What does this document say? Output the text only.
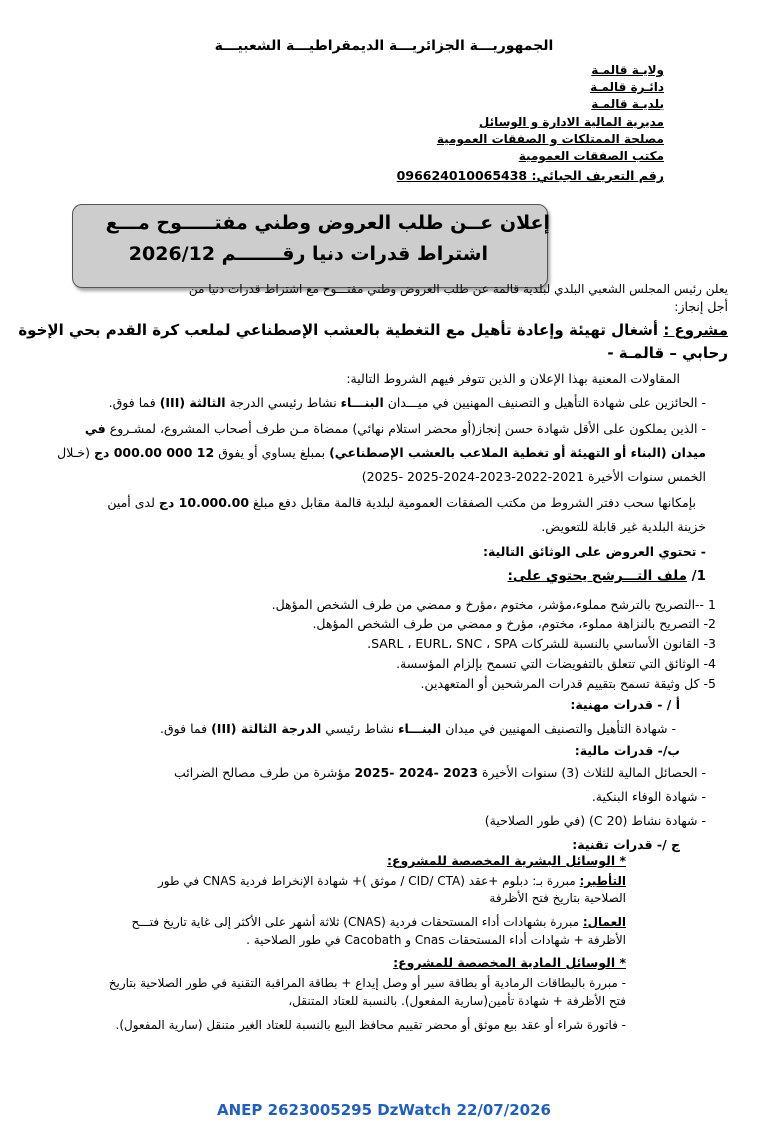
الجمهوريـــة الجزائريـــة الديمقراطيـــة الشعبيـــة
ولايـة قالمـة
دائـرة قالمـة
بلديـة قالمـة
مديرية المالية الادارة و الوسائل
مصلحة الممتلكات و الصفقات العمومية
مكتب الصفقات العمومية
رقم التعريف الجبائي: 096624010065438
إعلان عــن طلب العروض وطني مفتـــــوح مـــع
اشتراط قدرات دنيا رقـــــــم 2026/12
يعلن رئيس المجلس الشعبي البلدي لبلدية قالمة عن طلب العروض وطني مفتـــوح مع اشتراط قدرات دنيا من
أجل إنجاز:
مشروع : أشغال تهيئة وإعادة تأهيل مع التغطية بالعشب الإصطناعي لملعب كرة القدم بحي الإخوة
رحابي – قالمـة -
المقاولات المعنية بهذا الإعلان و الذين تتوفر فيهم الشروط التالية:
- الحائزين على شهادة التأهيل و التصنيف المهنيين في ميـــدان البنـــاء نشاط رئيسي الدرجة الثالثة (III) فما فوق.
- الذين يملكون على الأقل شهادة حسن إنجاز(أو محضر استلام نهائي) ممضاة مـن طرف أصحاب المشروع، لمشـروع في
ميدان (البناء أو التهيئة أو تغطية الملاعب بالعشب الإصطناعي) بمبلغ يساوي أو يفوق 12 000 000.00 دج (خـلال
الخمس سنوات الأخيرة 2021-2022-2023-2024-2025 -2025)
بإمكانها سحب دفتر الشروط من مكتب الصفقات العمومية لبلدية قالمة مقابل دفع مبلغ 10.000.00 دج لدى أمين
خزينة البلدية غير قابلة للتعويض.
- تحتوي العروض على الوثائق التالية:
1/ ملف التـــرشح يحتوي على:
1 --التصريح بالترشح مملوء،مؤشر، مختوم ،مؤرخ و ممضي من طرف الشخص المؤهل.
2- التصريح بالنزاهة مملوء، مختوم، مؤرخ و ممضي من طرف الشخص المؤهل.
3- القانون الأساسي بالنسبة للشركات SARL ، EURL، SNC ، SPA.
4- الوثائق التي تتعلق بالتفويضات التي تسمح بإلزام المؤسسة.
5- كل وثيقة تسمح بتقييم قدرات المرشحين أو المتعهدين.
أ / - قدرات مهنية:
- شهادة التأهيل والتصنيف المهنيين في ميدان البنـــاء نشاط رئيسي الدرجة الثالثة (III) فما فوق.
ب/- قدرات مالية:
- الحصائل المالية للثلاث (3) سنوات الأخيرة 2023 -2024 -2025 مؤشرة من طرف مصالح الضرائب
- شهادة الوفاء البنكية.
- شهادة نشاط (C 20) (في طور الصلاحية)
ج /- قدرات تقنية:
* الوسائل البشرية المخصصة للمشروع:
التأطير: مبررة بـ: دبلوم +عقد (CID/ CTA / موثق )+ شهادة الإنخراط فردية CNAS في طور
الصلاحية بتاريخ فتح الأظرفة
العمال: مبررة بشهادات أداء المستحقات فردية (CNAS) ثلاثة أشهر على الأكثر إلى غاية تاريخ فتـــح
الأظرفة + شهادات أداء المستحقات Cnas و Cacobath في طور الصلاحية .
* الوسائل المادية المخصصة للمشروع:
- مبررة بالبطاقات الرمادية أو بطاقة سير أو وصل إيداع + بطاقة المراقبة التقنية في طور الصلاحية بتاريخ
فتح الأظرفة + شهادة تأمين(سارية المفعول). بالنسبة للعتاد المتنقل،
- فاتورة شراء أو عقد بيع موثق أو محضر تقييم محافظ البيع بالنسبة للعتاد الغير متنقل (سارية المفعول).
ANEP 2623005295 DzWatch 22/07/2026
